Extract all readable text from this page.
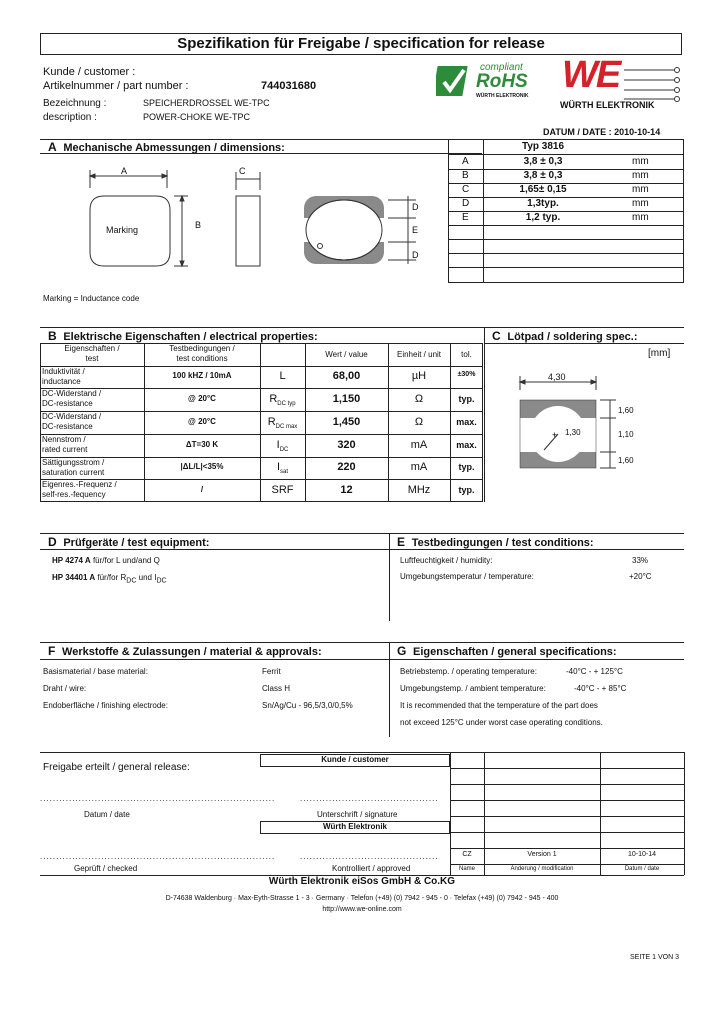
Spezifikation für Freigabe / specification for release
Kunde / customer :
Artikelnummer / part number :	744031680
Bezeichnung :	SPEICHERDROSSEL WE-TPC
description :	POWER-CHOKE WE-TPC
compliant
RoHS
WÜRTH ELEKTRONIK WE
WÜRTH ELEKTRONIK
DATUM / DATE : 2010-10-14
A Mechanische Abmessungen / dimensions:	Typ 3816
A	3,8 ± 0,3	mm
B	3,8 ± 0,3	mm
C	1,65± 0,15	mm
D	1,3typ.	mm
E	1,2 typ.	mm
A
B
Marking
C
D
E
D
Marking = Inductance code
B Elektrische Eigenschaften / electrical properties:
Eigenschaften /
test
Testbedingungen /
test conditions	Wert / value	Einheit / unit	tol.
Induktivität /
inductance
100 kHZ / 10mA	L	68,00	µH	±30%
DC-Widerstand /
DC-resistance
@ 20°C	$R_{DC typ}$	1,150	Ω	typ.
DC-Widerstand /
DC-resistance
@ 20°C	$R_{DC max}$	1,450	Ω	max.
Nennstrom /
rated current
ΔT=30 K	$I_{DC}$	320	mA	max.
Sättigungsstrom /
saturation current
|ΔL/L|<35%	$I_{sat}$	220	mA	typ.
Eigenres.-Frequenz /
self-res.-fequency
/	SRF	12	MHz	typ.
C Lötpad / soldering spec.:
[mm]
+
4,30
1,30
1,60
1,10
1,60
D Prüfgeräte / test equipment:
HP 4274 A für/for L und/and Q
HP 34401 A für/for $R_{DC}$ und $I_{DC}$
E Testbedingungen / test conditions:
Luftfeuchtigkeit / humidity:	33%
Umgebungstemperatur / temperature:	+20°C
F Werkstoffe & Zulassungen / material & approvals:
Basismaterial / base material:	Ferrit
Draht / wire:	Class H
Endoberfläche / finishing electrode:	Sn/Ag/Cu - 96,5/3,0/0,5%
G Eigenschaften / general specifications:
Betriebstemp. / operating temperature:	-40°C - + 125°C
Umgebungstemp. / ambient temperature:	-40°C - + 85°C
It is recommended that the temperature of the part does
not exceed 125°C under worst case operating conditions.
Freigabe erteilt / general release:
Kunde / customer
.........................................................................	...........................................
Datum / date	Unterschrift / signature
Würth Elektronik
.........................................................................	...........................................
Geprüft / checked	Kontrolliert / approved
CZ	Version 1	10-10-14
Name	Änderung / modification	Datum / date
Würth Elektronik eiSos GmbH & Co.KG
D-74638 Waldenburg · Max-Eyth-Strasse 1 - 3 · Germany · Telefon (+49) (0) 7942 - 945 - 0 · Telefax (+49) (0) 7942 - 945 - 400
http://www.we-online.com
SEITE 1 VON 3
